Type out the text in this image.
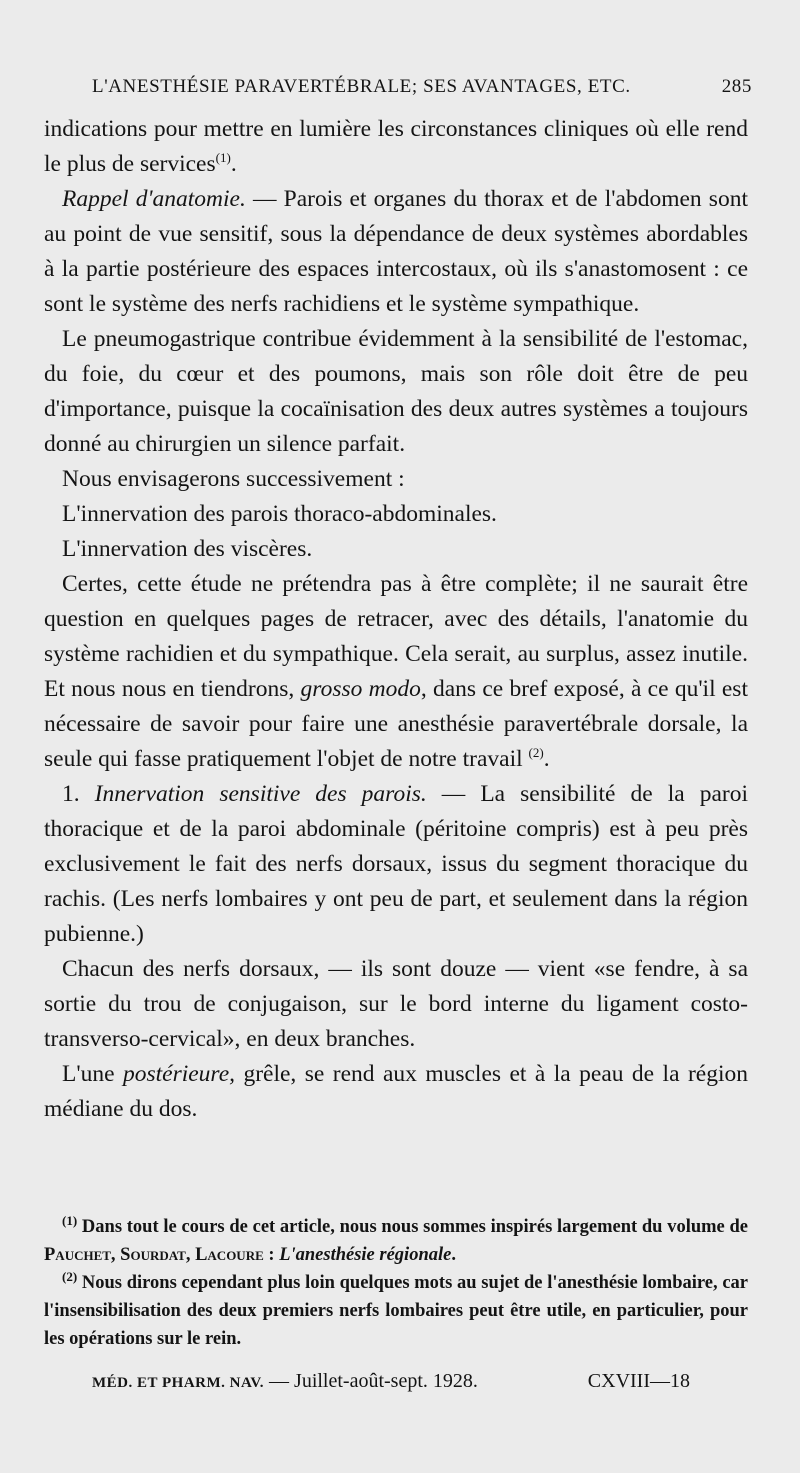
L'ANESTHÉSIE PARAVERTÉBRALE; SES AVANTAGES, ETC.	285

indications pour mettre en lumière les circonstances cliniques où elle rend le plus de services$^{(1)}$.

Rappel d'anatomie. — Parois et organes du thorax et de l'abdomen sont au point de vue sensitif, sous la dépendance de deux systèmes abordables à la partie postérieure des espaces intercostaux, où ils s'anastomosent : ce sont le système des nerfs rachidiens et le système sympathique.

Le pneumogastrique contribue évidemment à la sensibilité de l'estomac, du foie, du cœur et des poumons, mais son rôle doit être de peu d'importance, puisque la cocaïnisation des deux autres systèmes a toujours donné au chirurgien un silence parfait.

Nous envisagerons successivement :

L'innervation des parois thoraco-abdominales.

L'innervation des viscères.

Certes, cette étude ne prétendra pas à être complète; il ne saurait être question en quelques pages de retracer, avec des détails, l'anatomie du système rachidien et du sympathique. Cela serait, au surplus, assez inutile. Et nous nous en tiendrons, grosso modo, dans ce bref exposé, à ce qu'il est nécessaire de savoir pour faire une anesthésie paravertébrale dorsale, la seule qui fasse pratiquement l'objet de notre travail $^{(2)}$.

1. Innervation sensitive des parois. — La sensibilité de la paroi thoracique et de la paroi abdominale (péritoine compris) est à peu près exclusivement le fait des nerfs dorsaux, issus du segment thoracique du rachis. (Les nerfs lombaires y ont peu de part, et seulement dans la région pubienne.)

Chacun des nerfs dorsaux, — ils sont douze — vient «se fendre, à sa sortie du trou de conjugaison, sur le bord interne du ligament costo-transverso-cervical», en deux branches.

L'une postérieure, grêle, se rend aux muscles et à la peau de la région médiane du dos.

$^{(1)}$ Dans tout le cours de cet article, nous nous sommes inspirés largement du volume de Pauchet, Sourdat, Lacoure : L'anesthésie régionale.

$^{(2)}$ Nous dirons cependant plus loin quelques mots au sujet de l'anesthésie lombaire, car l'insensibilisation des deux premiers nerfs lombaires peut être utile, en particulier, pour les opérations sur le rein.

MÉD. ET PHARM. NAV. — Juillet-août-sept. 1928.	CXVIII—18
